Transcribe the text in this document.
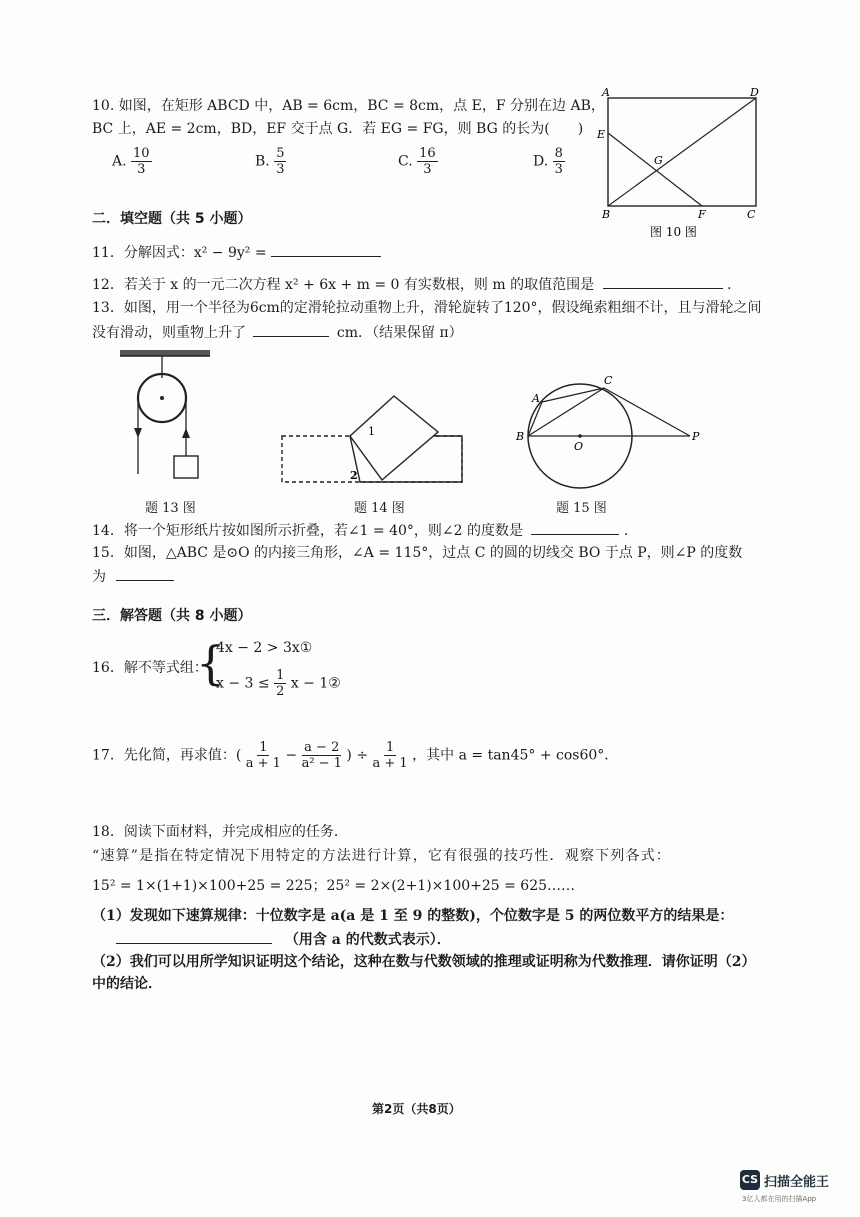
10. 如图，在矩形 ABCD 中，AB = 6cm，BC = 8cm，点 E，F 分别在边 AB，
BC 上，AE = 2cm，BD，EF 交于点 G．若 EG = FG，则 BG 的长为(　　)
A. $\frac{10}{3}$	B. $\frac{5}{3}$	C. $\frac{16}{3}$	D. $\frac{8}{3}$
A	D
E
G
B	F	C
图 10 图
二．填空题（共 5 小题）
11．分解因式：x² − 9y² =
12．若关于 x 的一元二次方程 x² + 6x + m = 0 有实数根，则 m 的取值范围是	.
13．如图，用一个半径为6cm的定滑轮拉动重物上升，滑轮旋转了120°，假设绳索粗细不计，且与滑轮之间
没有滑动，则重物上升了	cm．（结果保留 π）
1
2
A
B
C
O
P
题 13 图	题 14 图	题 15 图
14．将一个矩形纸片按如图所示折叠，若∠1 = 40°，则∠2 的度数是	.
15．如图，△ABC 是⊙O 的内接三角形，∠A = 115°，过点 C 的圆的切线交 BO 于点 P，则∠P 的度数
为
三．解答题（共 8 小题）
16．解不等式组：
{
4x − 2 > 3x①
$x - 3 \le \frac{1}{2}$ x − 1②
17．先化简，再求值：( $\frac{1}{a + 1} - \frac{a - 2}{\text{a² − 1}}$ ) ÷ $\frac{1}{a + 1}$ ，其中 a = tan45° + cos60°．
18．阅读下面材料，并完成相应的任务．
“速算”是指在特定情况下用特定的方法进行计算，它有很强的技巧性．观察下列各式：
15² = 1×(1+1)×100+25 = 225；25² = 2×(2+1)×100+25 = 625……
（1）发现如下速算规律：十位数字是 a(a 是 1 至 9 的整数)，个位数字是 5 的两位数平方的结果是：
（用含 a 的代数式表示）．
（2）我们可以用所学知识证明这个结论，这种在数与代数领域的推理或证明称为代数推理．请你证明（2）
中的结论．
第2页（共8页）
CS 扫描全能王
3亿人都在用的扫描App
